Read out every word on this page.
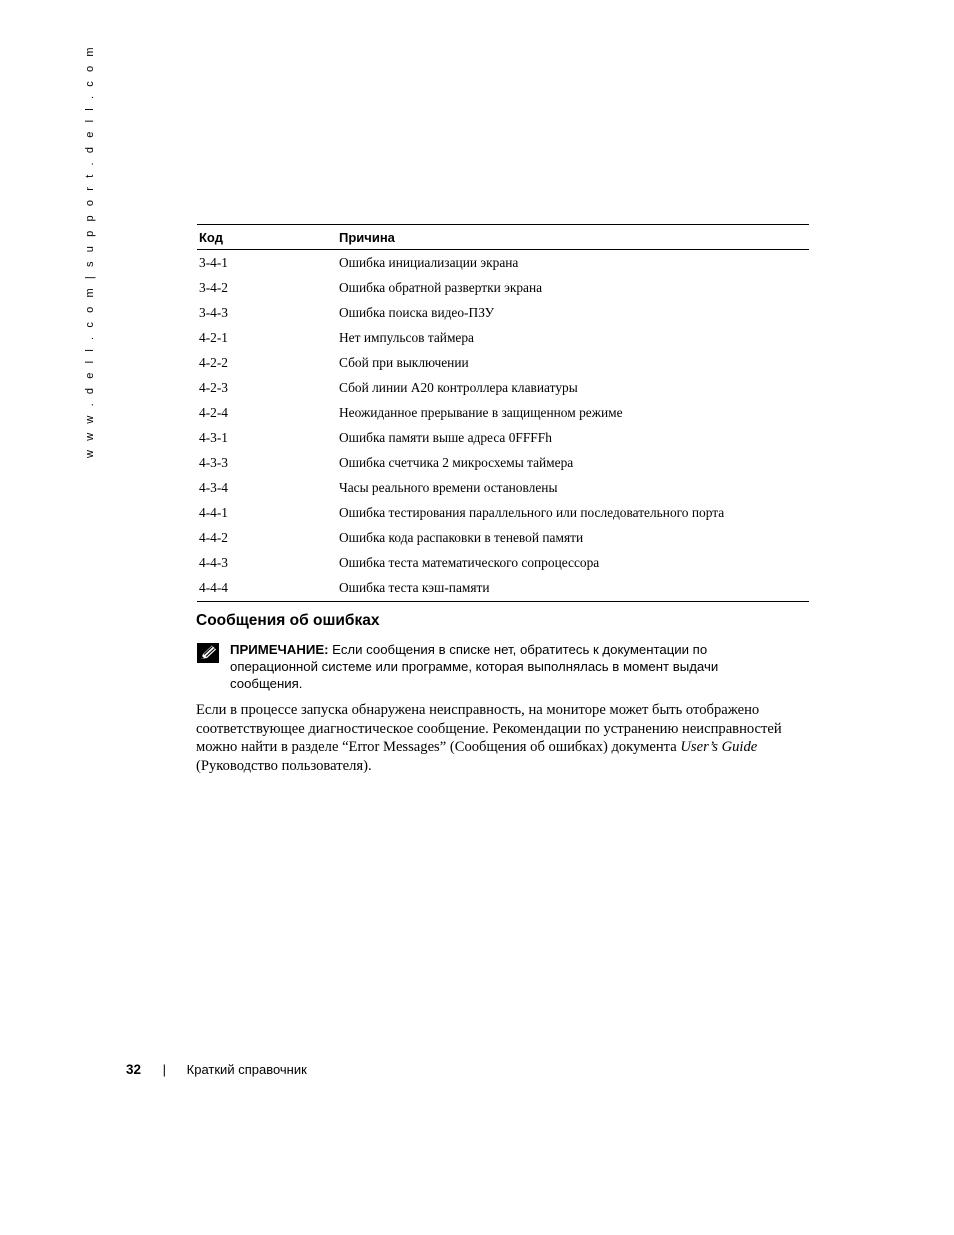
w w w . d e l l . c o m | s u p p o r t . d e l l . c o m	Код	Причина
3-4-1	Ошибка инициализации экрана
3-4-2	Ошибка обратной развертки экрана
3-4-3	Ошибка поиска видео-ПЗУ
4-2-1	Нет импульсов таймера
4-2-2	Сбой при выключении
4-2-3	Сбой линии A20 контроллера клавиатуры
4-2-4	Неожиданное прерывание в защищенном режиме
4-3-1	Ошибка памяти выше адреса 0FFFFh
4-3-3	Ошибка счетчика 2 микросхемы таймера
4-3-4	Часы реального времени остановлены
4-4-1	Ошибка тестирования параллельного или последовательного порта
4-4-2	Ошибка кода распаковки в теневой памяти
4-4-3	Ошибка теста математического сопроцессора
4-4-4	Ошибка теста кэш-памяти
Сообщения об ошибках
ПРИМЕЧАНИЕ: Если сообщения в списке нет, обратитесь к документации по операционной системе или программе, которая выполнялась в момент выдачи сообщения.

Если в процессе запуска обнаружена неисправность, на мониторе может быть отображено соответствующее диагностическое сообщение. Рекомендации по устранению неисправностей можно найти в разделе “Error Messages” (Сообщения об ошибках) документа User’s Guide (Руководство пользователя).

32 | Краткий справочник
